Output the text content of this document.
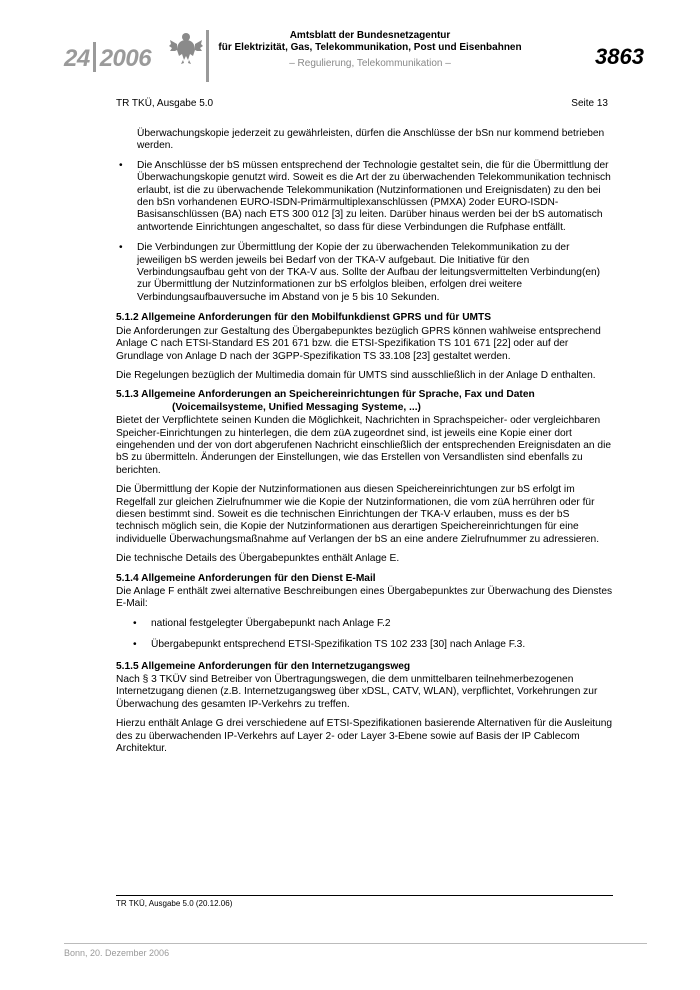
24 2006
Amtsblatt der Bundesnetzagentur
für Elektrizität, Gas, Telekommunikation, Post und Eisenbahnen
– Regulierung, Telekommunikation –	3863
TR TKÜ, Ausgabe 5.0	Seite 13

Überwachungskopie jederzeit zu gewährleisten, dürfen die Anschlüsse der bSn nur kommend betrieben werden.

• Die Anschlüsse der bS müssen entsprechend der Technologie gestaltet sein, die für die Übermittlung der Überwachungskopie genutzt wird. Soweit es die Art der zu überwachenden Telekommunikation technisch erlaubt, ist die zu überwachende Telekommunikation (Nutzinformationen und Ereignisdaten) zu den bei den bSn vorhandenen EURO-ISDN-Primärmultiplexanschlüssen (PMXA) 2oder EURO-ISDN-Basisanschlüssen (BA) nach ETS 300 012 [3] zu leiten. Darüber hinaus werden bei der bS automatisch antwortende Einrichtungen angeschaltet, so dass für diese Verbindungen die Rufphase entfällt.
• Die Verbindungen zur Übermittlung der Kopie der zu überwachenden Telekommunikation zu der jeweiligen bS werden jeweils bei Bedarf von der TKA-V aufgebaut. Die Initiative für den Verbindungsaufbau geht von der TKA-V aus. Sollte der Aufbau der leitungsvermittelten Verbindung(en) zur Übermittlung der Nutzinformationen zur bS erfolglos bleiben, erfolgen drei weitere Verbindungsaufbauversuche im Abstand von je 5 bis 10 Sekunden.
5.1.2 Allgemeine Anforderungen für den Mobilfunkdienst GPRS und für UMTS

Die Anforderungen zur Gestaltung des Übergabepunktes bezüglich GPRS können wahlweise entsprechend Anlage C nach ETSI-Standard ES 201 671 bzw. die ETSI-Spezifikation TS 101 671 [22] oder auf der Grundlage von Anlage D nach der 3GPP-Spezifikation TS 33.108 [23] gestaltet werden.

Die Regelungen bezüglich der Multimedia domain für UMTS sind ausschließlich in der Anlage D enthalten.

5.1.3 Allgemeine Anforderungen an Speichereinrichtungen für Sprache, Fax und Daten
(Voicemailsysteme, Unified Messaging Systeme, ...)

Bietet der Verpflichtete seinen Kunden die Möglichkeit, Nachrichten in Sprachspeicher- oder vergleichbaren Speicher-Einrichtungen zu hinterlegen, die dem züA zugeordnet sind, ist jeweils eine Kopie einer dort eingehenden und der von dort abgerufenen Nachricht einschließlich der entsprechenden Ereignisdaten an die bS zu übermitteln. Änderungen der Einstellungen, wie das Erstellen von Versandlisten sind ebenfalls zu berichten.

Die Übermittlung der Kopie der Nutzinformationen aus diesen Speichereinrichtungen zur bS erfolgt im Regelfall zur gleichen Zielrufnummer wie die Kopie der Nutzinformationen, die vom züA herrühren oder für diesen bestimmt sind. Soweit es die technischen Einrichtungen der TKA-V erlauben, muss es der bS technisch möglich sein, die Kopie der Nutzinformationen aus derartigen Speichereinrichtungen für eine individuelle Überwachungsmaßnahme auf Verlangen der bS an eine andere Zielrufnummer zu adressieren.

Die technische Details des Übergabepunktes enthält Anlage E.

5.1.4 Allgemeine Anforderungen für den Dienst E-Mail

Die Anlage F enthält zwei alternative Beschreibungen eines Übergabepunktes zur Überwachung des Dienstes E-Mail:

• national festgelegter Übergabepunkt nach Anlage F.2
• Übergabepunkt entsprechend ETSI-Spezifikation TS 102 233 [30] nach Anlage F.3.
5.1.5 Allgemeine Anforderungen für den Internetzugangsweg

Nach § 3 TKÜV sind Betreiber von Übertragungswegen, die dem unmittelbaren teilnehmerbezogenen Internetzugang dienen (z.B. Internetzugangsweg über xDSL, CATV, WLAN), verpflichtet, Vorkehrungen zur Überwachung des gesamten IP-Verkehrs zu treffen.

Hierzu enthält Anlage G drei verschiedene auf ETSI-Spezifikationen basierende Alternativen für die Ausleitung des zu überwachenden IP-Verkehrs auf Layer 2- oder Layer 3-Ebene sowie auf Basis der IP Cablecom Architektur.

TR TKÜ, Ausgabe 5.0 (20.12.06)
Bonn, 20. Dezember 2006
